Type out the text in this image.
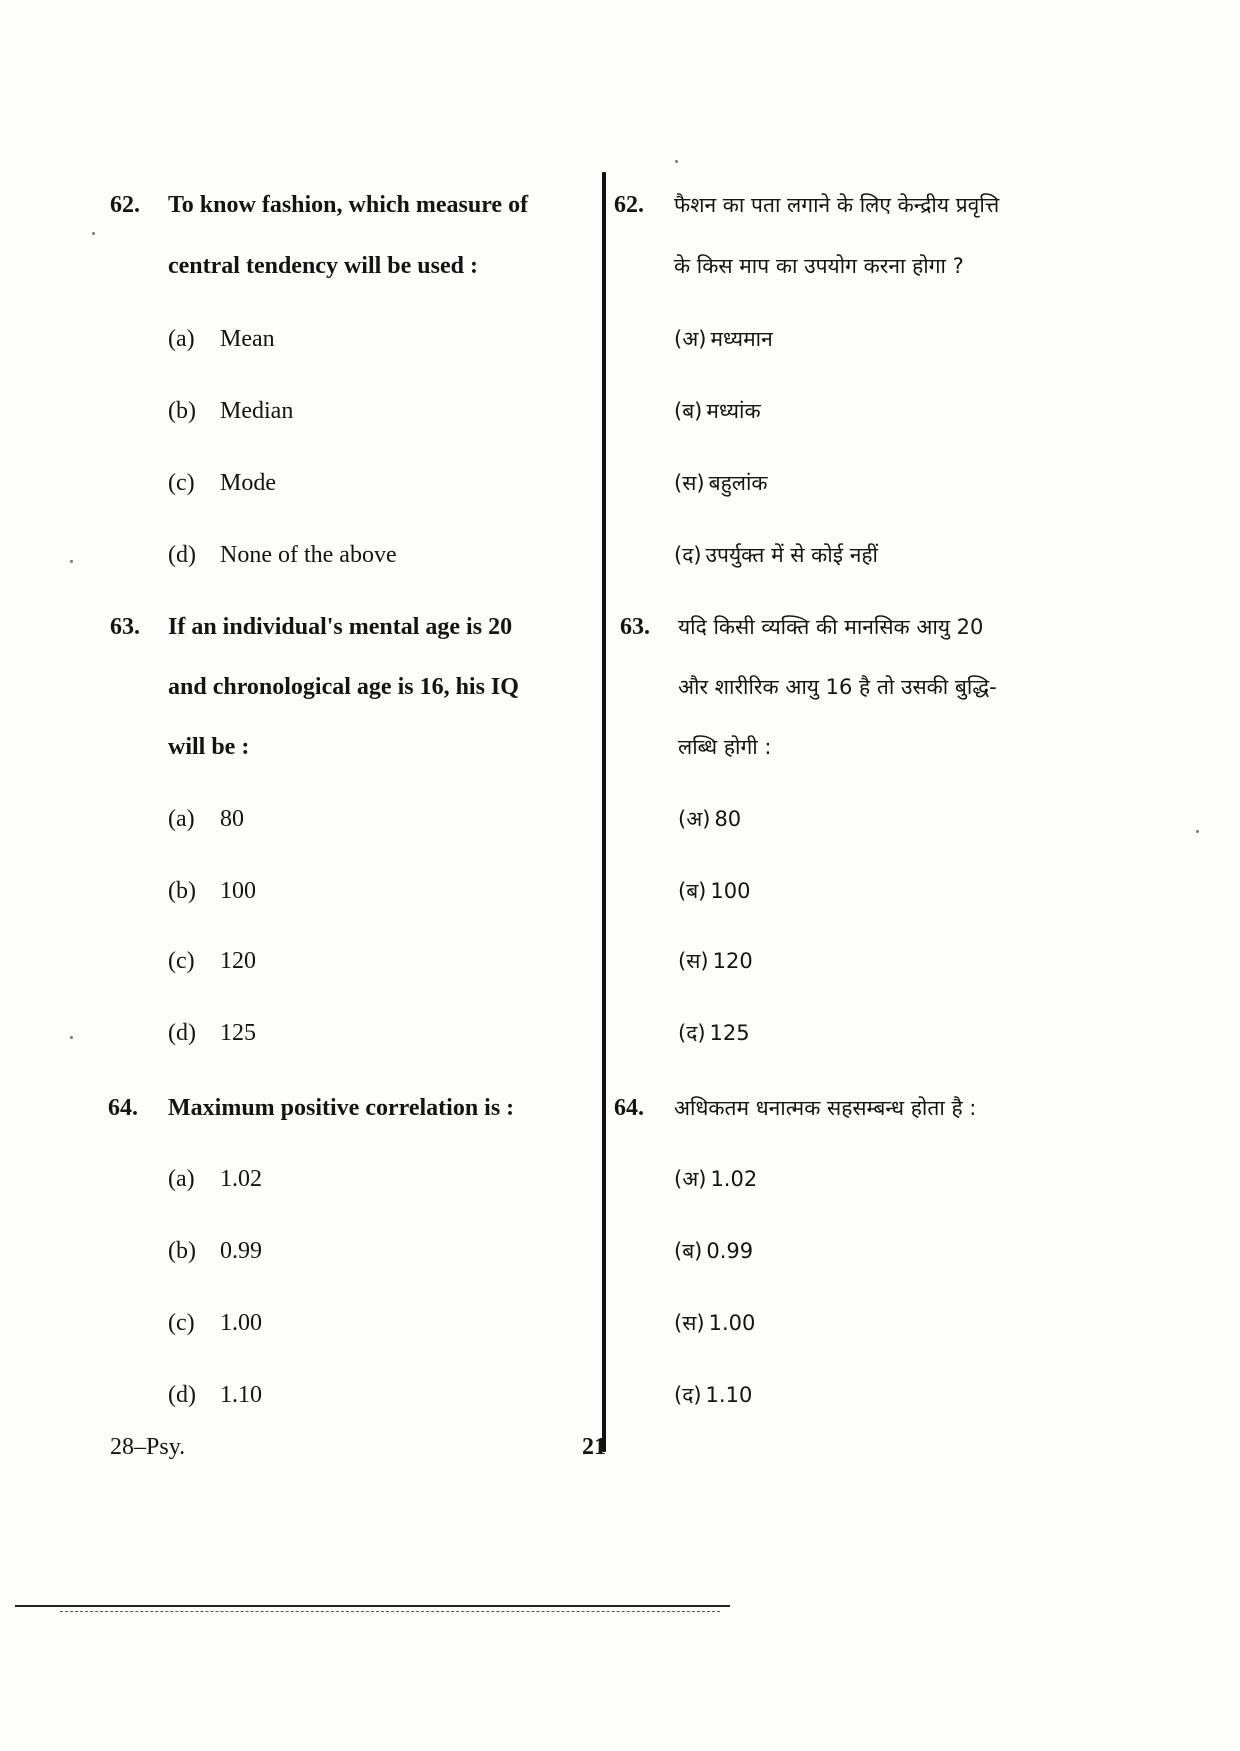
62. To know fashion, which measure of
central tendency will be used :
(a) Mean
(b) Median
(c) Mode
(d) None of the above
63. If an individual's mental age is 20
and chronological age is 16, his IQ
will be :
(a) 80
(b) 100
(c) 120
(d) 125
64. Maximum positive correlation is :
(a) 1.02
(b) 0.99
(c) 1.00
(d) 1.10
62. फैशन का पता लगाने के लिए केन्द्रीय प्रवृत्ति
के किस माप का उपयोग करना होगा ?
(अ) मध्यमान
(ब) मध्यांक
(स) बहुलांक
(द) उपर्युक्त में से कोई नहीं
63. यदि किसी व्यक्ति की मानसिक आयु 20
और शारीरिक आयु 16 है तो उसकी बुद्धि-
लब्धि होगी :
(अ) 80
(ब) 100
(स) 120
(द) 125
64. अधिकतम धनात्मक सहसम्बन्ध होता है :
(अ) 1.02
(ब) 0.99
(स) 1.00
(द) 1.10
28–Psy.	21
